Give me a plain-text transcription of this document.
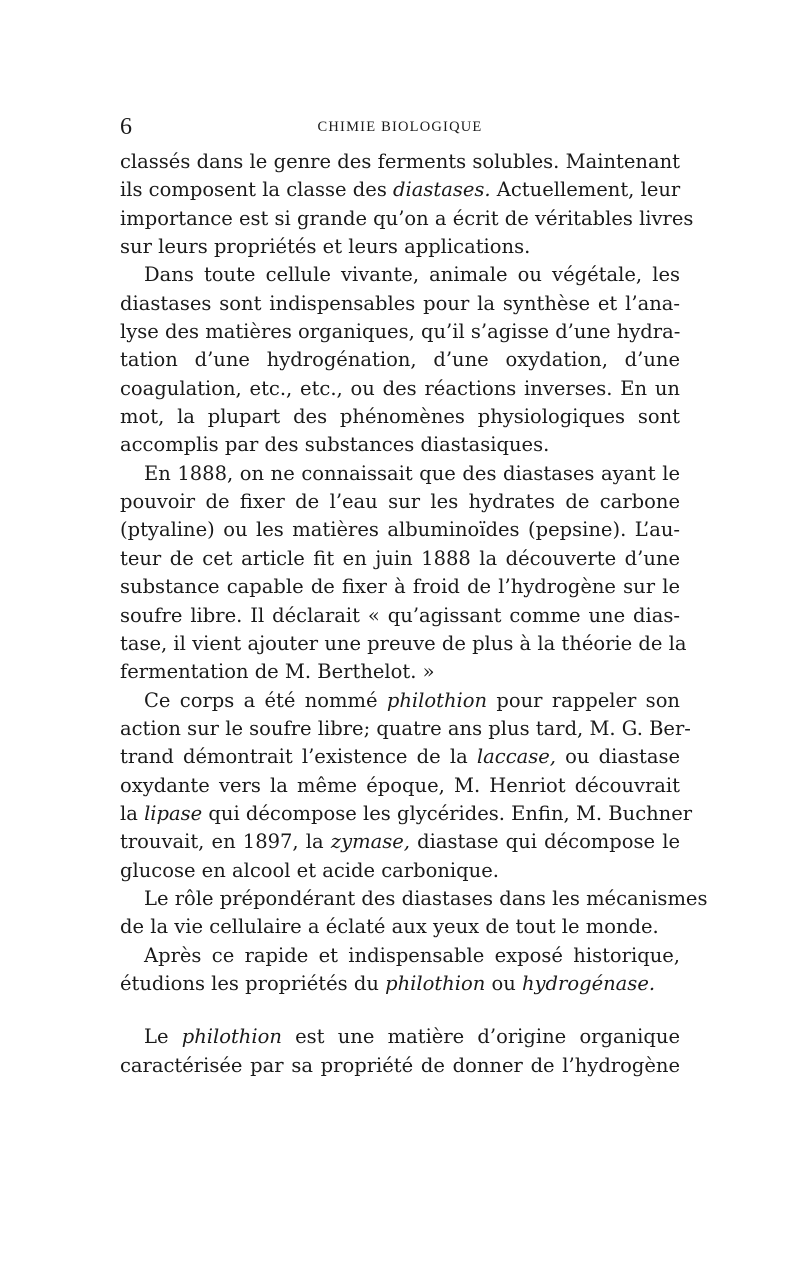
6	CHIMIE BIOLOGIQUE
classés dans le genre des ferments solubles. Maintenant
ils composent la classe des diastases. Actuellement, leur
importance est si grande qu’on a écrit de véritables livres
sur leurs propriétés et leurs applications.
Dans toute cellule vivante, animale ou végétale, les
diastases sont indispensables pour la synthèse et l’ana-
lyse des matières organiques, qu’il s’agisse d’une hydra-
tation d’une hydrogénation, d’une oxydation, d’une
coagulation, etc., etc., ou des réactions inverses. En un
mot, la plupart des phénomènes physiologiques sont
accomplis par des substances diastasiques.
En 1888, on ne connaissait que des diastases ayant le
pouvoir de fixer de l’eau sur les hydrates de carbone
(ptyaline) ou les matières albuminoïdes (pepsine). L’au-
teur de cet article fit en juin 1888 la découverte d’une
substance capable de fixer à froid de l’hydrogène sur le
soufre libre. Il déclarait « qu’agissant comme une dias-
tase, il vient ajouter une preuve de plus à la théorie de la
fermentation de M. Berthelot. »
Ce corps a été nommé philothion pour rappeler son
action sur le soufre libre; quatre ans plus tard, M. G. Ber-
trand démontrait l’existence de la laccase, ou diastase
oxydante vers la même époque, M. Henriot découvrait
la lipase qui décompose les glycérides. Enfin, M. Buchner
trouvait, en 1897, la zymase, diastase qui décompose le
glucose en alcool et acide carbonique.
Le rôle prépondérant des diastases dans les mécanismes
de la vie cellulaire a éclaté aux yeux de tout le monde.
Après ce rapide et indispensable exposé historique,
étudions les propriétés du philothion ou hydrogénase.
Le philothion est une matière d’origine organique
caractérisée par sa propriété de donner de l’hydrogène
